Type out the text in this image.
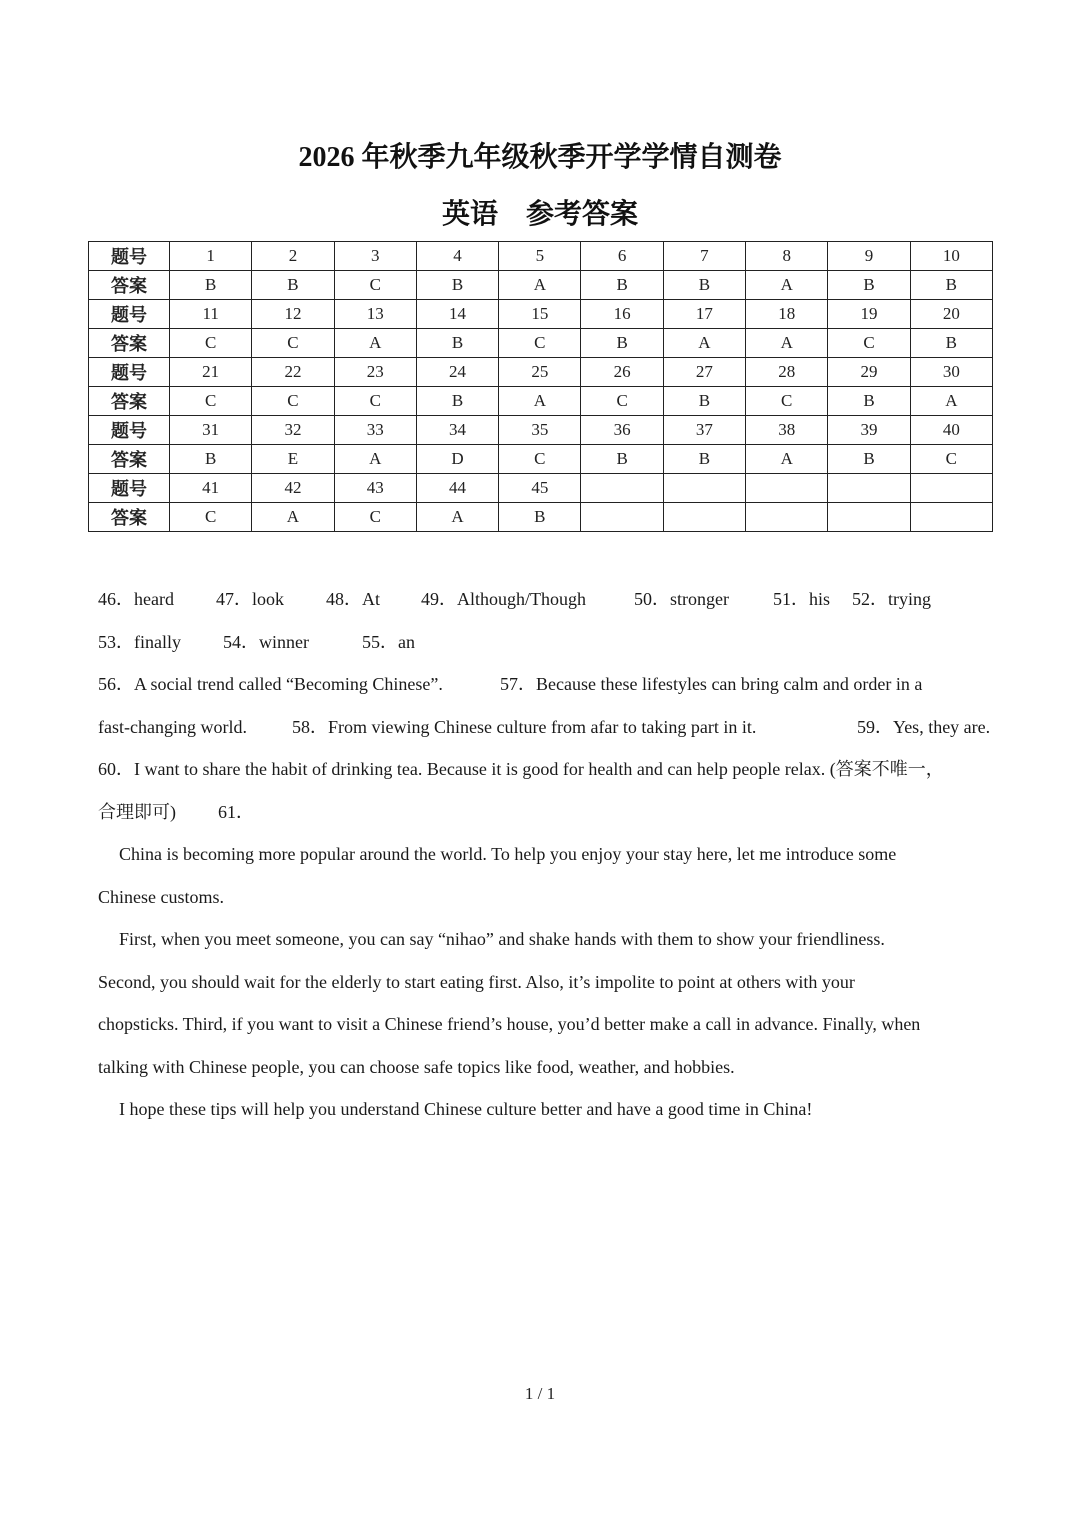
2026 年秋季九年级秋季开学学情自测卷
英语 参考答案
题号	1	2	3	4	5	6	7	8	9	10
答案	B	B	C	B	A	B	B	A	B	B
题号	11	12	13	14	15	16	17	18	19	20
答案	C	C	A	B	C	B	A	A	C	B
题号	21	22	23	24	25	26	27	28	29	30
答案	C	C	C	B	A	C	B	C	B	A
题号	31	32	33	34	35	36	37	38	39	40
答案	B	E	A	D	C	B	B	A	B	C
题号	41	42	43	44	45					
答案	C	A	C	A	B					
46．heard 47．look 48．At 49．Although/Though	50．stronger 51．his 52．trying
53．finally 54．winner	55．an
56．A social trend called “Becoming Chinese”.	57．Because these lifestyles can bring calm and order in a
fast-changing world.	58．From viewing Chinese culture from afar to taking part in it.	59．Yes, they are.
60．I want to share the habit of drinking tea. Because it is good for health and can help people relax. (答案不唯一，
合理即可) 61．
China is becoming more popular around the world. To help you enjoy your stay here, let me introduce some
Chinese customs.
First, when you meet someone, you can say “nihao” and shake hands with them to show your friendliness.
Second, you should wait for the elderly to start eating first. Also, it’s impolite to point at others with your
chopsticks. Third, if you want to visit a Chinese friend’s house, you’d better make a call in advance. Finally, when
talking with Chinese people, you can choose safe topics like food, weather, and hobbies.
I hope these tips will help you understand Chinese culture better and have a good time in China!
1 / 1
